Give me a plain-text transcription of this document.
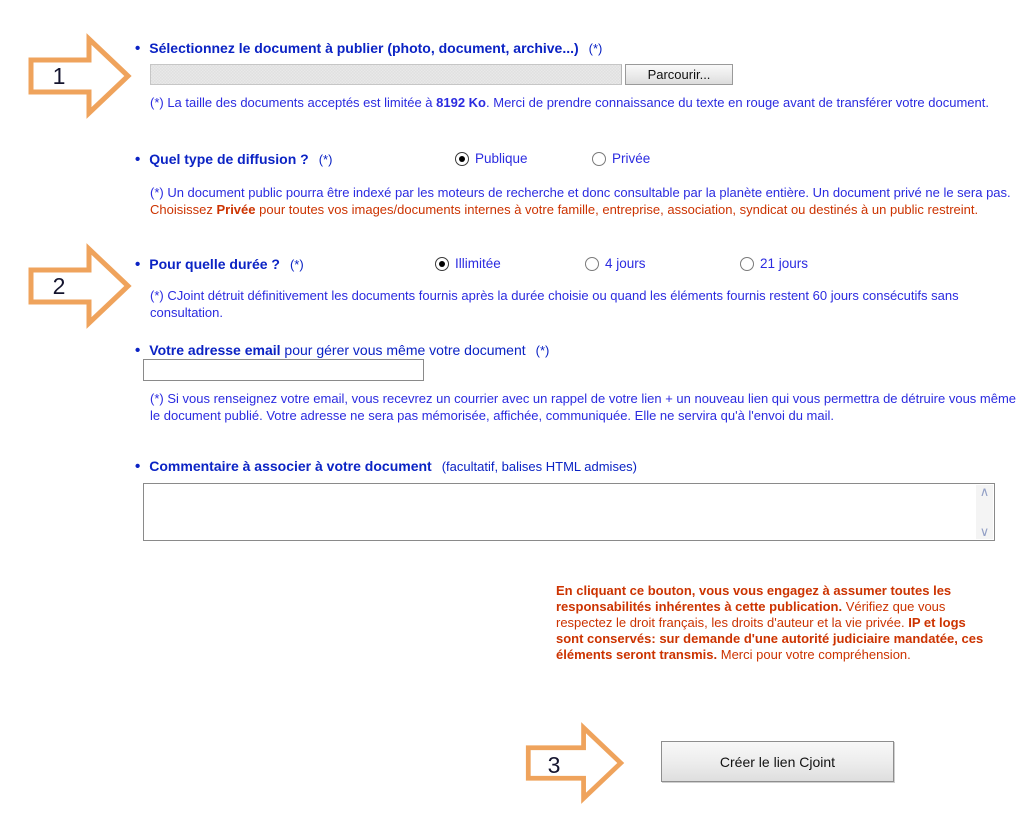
1
2
3
• Sélectionnez le document à publier (photo, document, archive...) (*)
Parcourir...
(*) La taille des documents acceptés est limitée à 8192 Ko. Merci de prendre connaissance du texte en rouge avant de transférer votre document.
• Quel type de diffusion ? (*)	Publique	Privée
(*) Un document public pourra être indexé par les moteurs de recherche et donc consultable par la planète entière. Un document privé ne le sera pas. Choisissez Privée pour toutes vos images/documents internes à votre famille, entreprise, association, syndicat ou destinés à un public restreint.
• Pour quelle durée ? (*)	Illimitée	4 jours	21 jours
(*) CJoint détruit définitivement les documents fournis après la durée choisie ou quand les éléments fournis restent 60 jours consécutifs sans consultation.
• Votre adresse email pour gérer vous même votre document (*)
(*) Si vous renseignez votre email, vous recevrez un courrier avec un rappel de votre lien + un nouveau lien qui vous permettra de détruire vous même le document publié. Votre adresse ne sera pas mémorisée, affichée, communiquée. Elle ne servira qu'à l'envoi du mail.
• Commentaire à associer à votre document (facultatif, balises HTML admises)
∧
∨
En cliquant ce bouton, vous vous engagez à assumer toutes les responsabilités inhérentes à cette publication. Vérifiez que vous respectez le droit français, les droits d'auteur et la vie privée. IP et logs sont conservés: sur demande d'une autorité judiciaire mandatée, ces éléments seront transmis. Merci pour votre compréhension.
Créer le lien Cjoint
